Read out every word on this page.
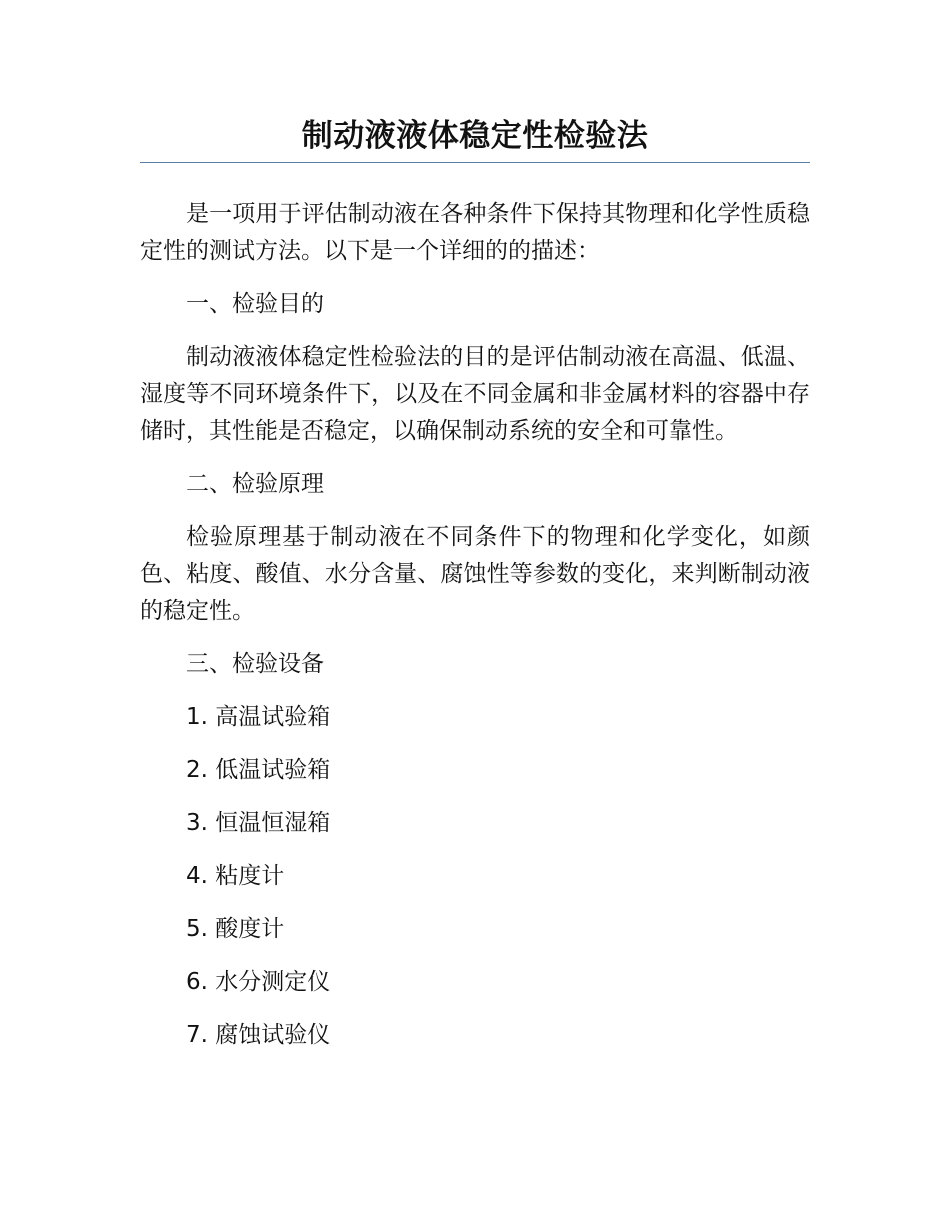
制动液液体稳定性检验法

是一项用于评估制动液在各种条件下保持其物理和化学性质稳定性的测试方法。以下是一个详细的的描述：

一、检验目的

制动液液体稳定性检验法的目的是评估制动液在高温、低温、湿度等不同环境条件下，以及在不同金属和非金属材料的容器中存储时，其性能是否稳定，以确保制动系统的安全和可靠性。

二、检验原理

检验原理基于制动液在不同条件下的物理和化学变化，如颜色、粘度、酸值、水分含量、腐蚀性等参数的变化，来判断制动液的稳定性。

三、检验设备

1. 高温试验箱

2. 低温试验箱

3. 恒温恒湿箱

4. 粘度计

5. 酸度计

6. 水分测定仪

7. 腐蚀试验仪
